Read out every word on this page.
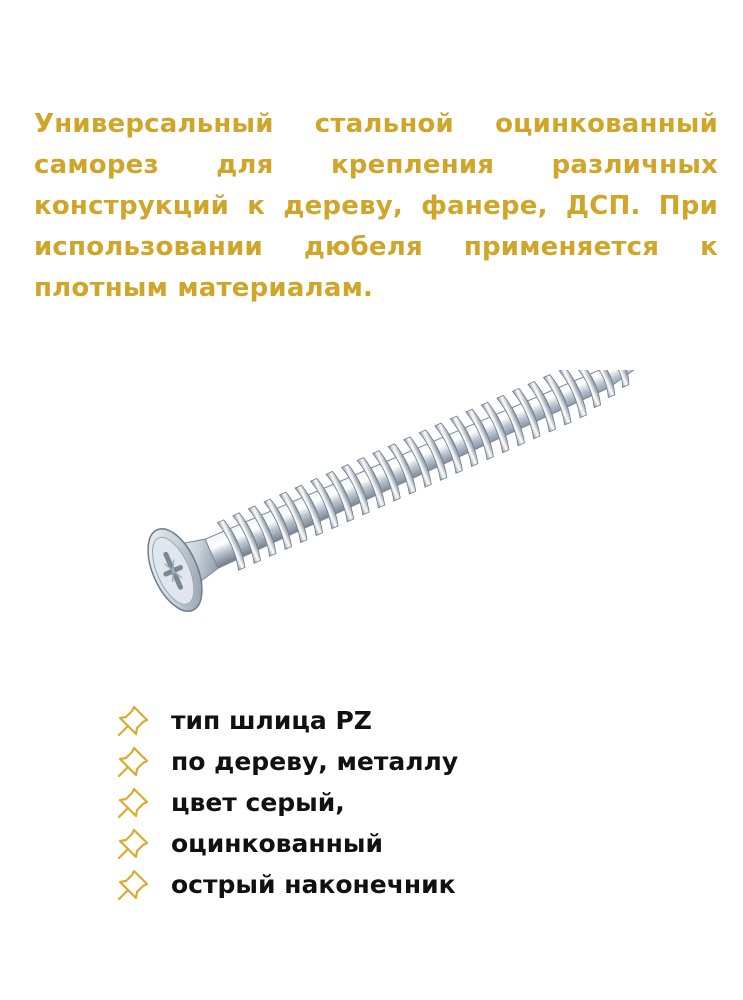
Универсальный стальной оцинкованный саморез для крепления различных конструкций к дереву, фанере, ДСП. При использовании дюбеля применяется к плотным материалам.

тип шлица PZ
по дереву, металлу
цвет серый,
оцинкованный
острый наконечник
